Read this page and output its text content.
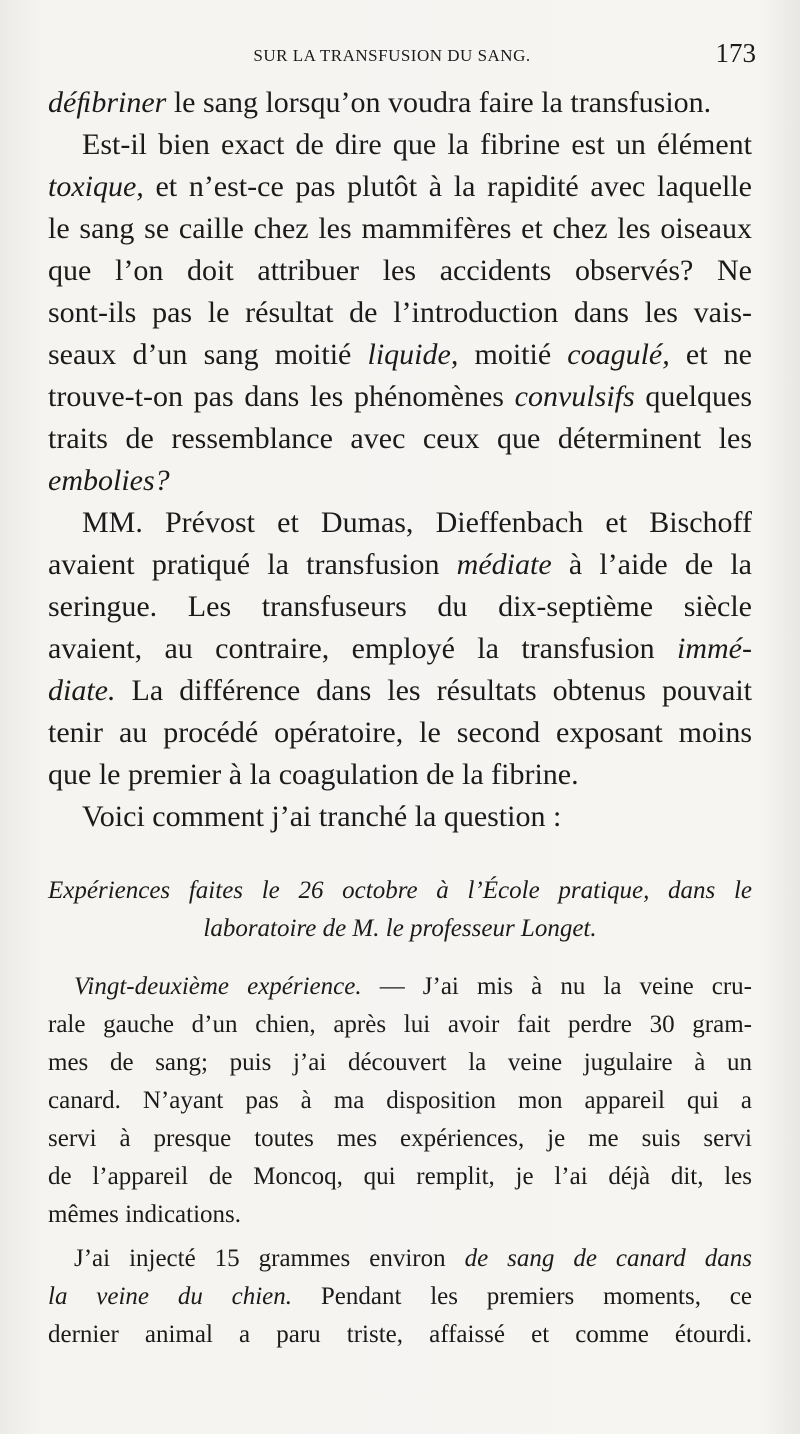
SUR LA TRANSFUSION DU SANG.	173
déﬁbriner le sang lorsqu’on voudra faire la transfusion.
Est-il bien exact de dire que la fibrine est un élément
toxique, et n’est-ce pas plutôt à la rapidité avec laquelle
le sang se caille chez les mammifères et chez les oiseaux
que l’on doit attribuer les accidents observés? Ne
sont-ils pas le résultat de l’introduction dans les vais-
seaux d’un sang moitié liquide, moitié coagulé, et ne
trouve-t-on pas dans les phénomènes convulsifs quelques
traits de ressemblance avec ceux que déterminent les
embolies?
MM. Prévost et Dumas, Dieffenbach et Bischoff
avaient pratiqué la transfusion médiate à l’aide de la
seringue. Les transfuseurs du dix-septième siècle
avaient, au contraire, employé la transfusion immé-
diate. La différence dans les résultats obtenus pouvait
tenir au procédé opératoire, le second exposant moins
que le premier à la coagulation de la fibrine.
Voici comment j’ai tranché la question :
Expériences faites le 26 octobre à l’École pratique, dans le
laboratoire de M. le professeur Longet.
Vingt-deuxième expérience. — J’ai mis à nu la veine cru-
rale gauche d’un chien, après lui avoir fait perdre 30 gram-
mes de sang; puis j’ai découvert la veine jugulaire à un
canard. N’ayant pas à ma disposition mon appareil qui a
servi à presque toutes mes expériences, je me suis servi
de l’appareil de Moncoq, qui remplit, je l’ai déjà dit, les
mêmes indications.
J’ai injecté 15 grammes environ de sang de canard dans
la veine du chien. Pendant les premiers moments, ce
dernier animal a paru triste, affaissé et comme étourdi.
